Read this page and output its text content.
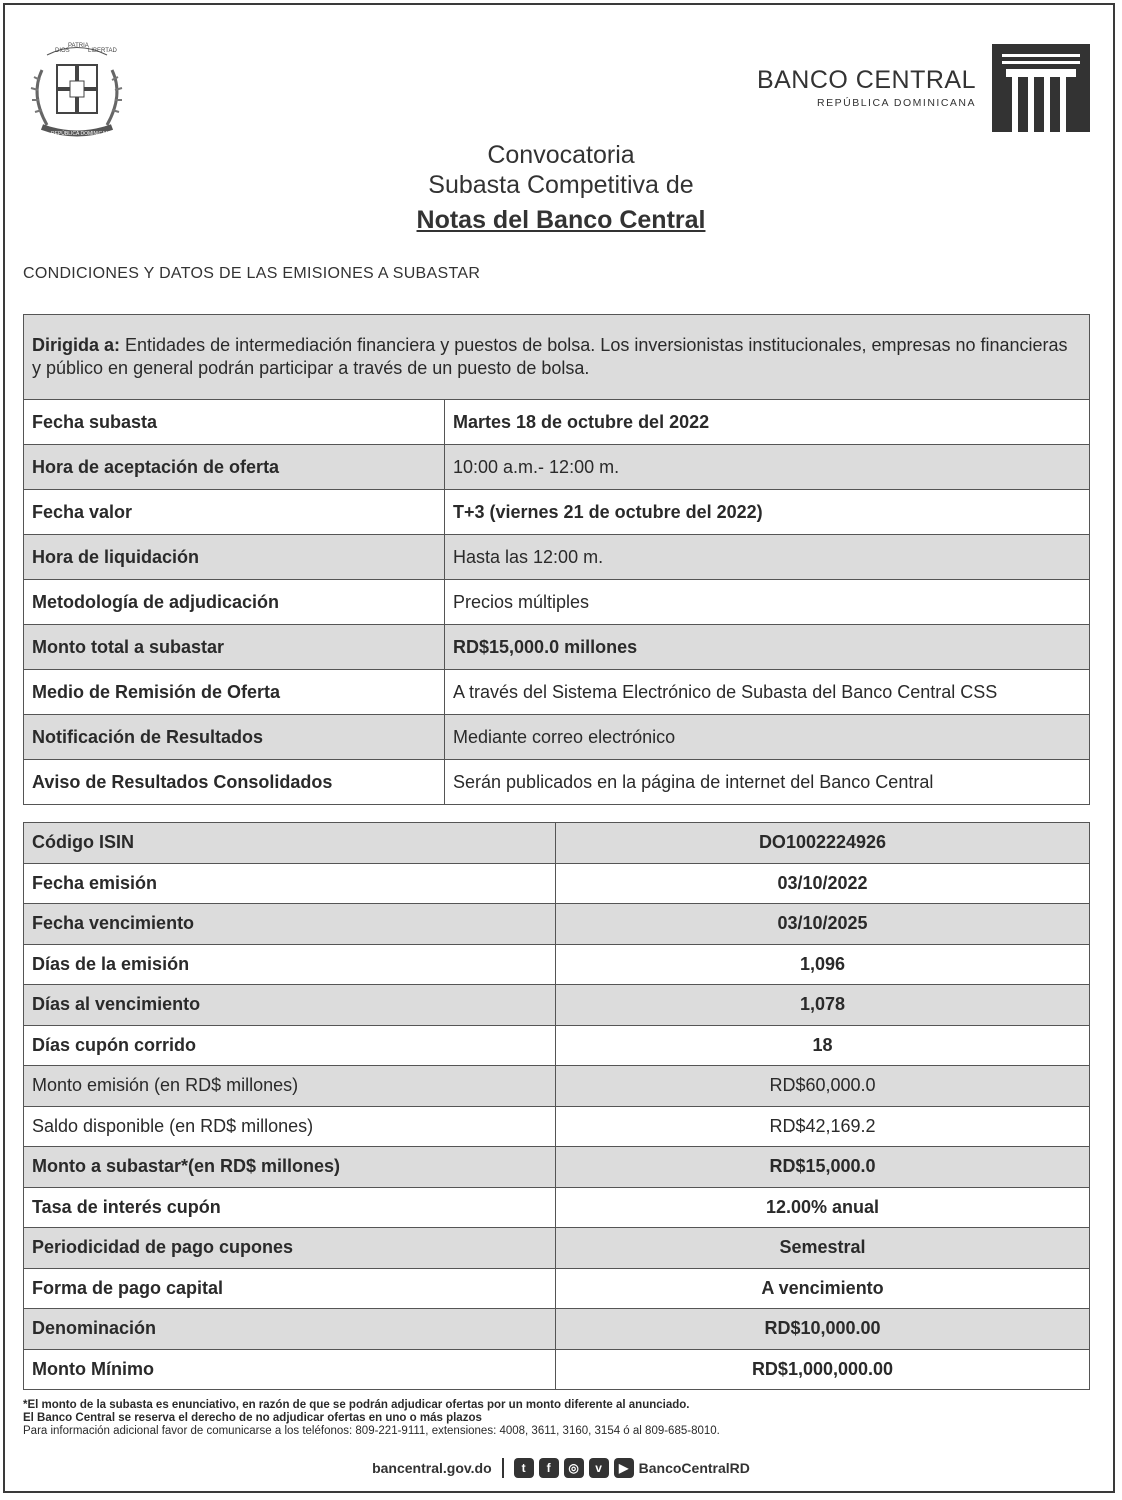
DIOS
PATRIA
LIBERTAD
REPÚBLICA DOMINICANA
BANCO CENTRAL
REPÚBLICA DOMINICANA
Convocatoria
Subasta Competitiva de
Notas del Banco Central
CONDICIONES Y DATOS DE LAS EMISIONES A SUBASTAR
Dirigida a: Entidades de intermediación financiera y puestos de bolsa. Los inversionistas institucionales, empresas no financieras y público en general podrán participar a través de un puesto de bolsa.	
Fecha subasta	Martes 18 de octubre del 2022
Hora de aceptación de oferta	10:00 a.m.- 12:00 m.
Fecha valor	T+3 (viernes 21 de octubre del 2022)
Hora de liquidación	Hasta las 12:00 m.
Metodología de adjudicación	Precios múltiples
Monto total a subastar	RD$15,000.0 millones
Medio de Remisión de Oferta	A través del Sistema Electrónico de Subasta del Banco Central CSS
Notificación de Resultados	Mediante correo electrónico
Aviso de Resultados Consolidados	Serán publicados en la página de internet del Banco Central
Código ISIN	DO1002224926
Fecha emisión	03/10/2022
Fecha vencimiento	03/10/2025
Días de la emisión	1,096
Días al vencimiento	1,078
Días cupón corrido	18
Monto emisión (en RD$ millones)	RD$60,000.0
Saldo disponible (en RD$ millones)	RD$42,169.2
Monto a subastar*(en RD$ millones)	RD$15,000.0
Tasa de interés cupón	12.00% anual
Periodicidad de pago cupones	Semestral
Forma de pago capital	A vencimiento
Denominación	RD$10,000.00
Monto Mínimo	RD$1,000,000.00
*El monto de la subasta es enunciativo, en razón de que se podrán adjudicar ofertas por un monto diferente al anunciado.
El Banco Central se reserva el derecho de no adjudicar ofertas en uno o más plazos
Para información adicional favor de comunicarse a los teléfonos: 809-221-9111, extensiones: 4008, 3611, 3160, 3154 ó al 809-685-8010.
bancentral.gov.do	t	f	◎	v	▶ BancoCentralRD
